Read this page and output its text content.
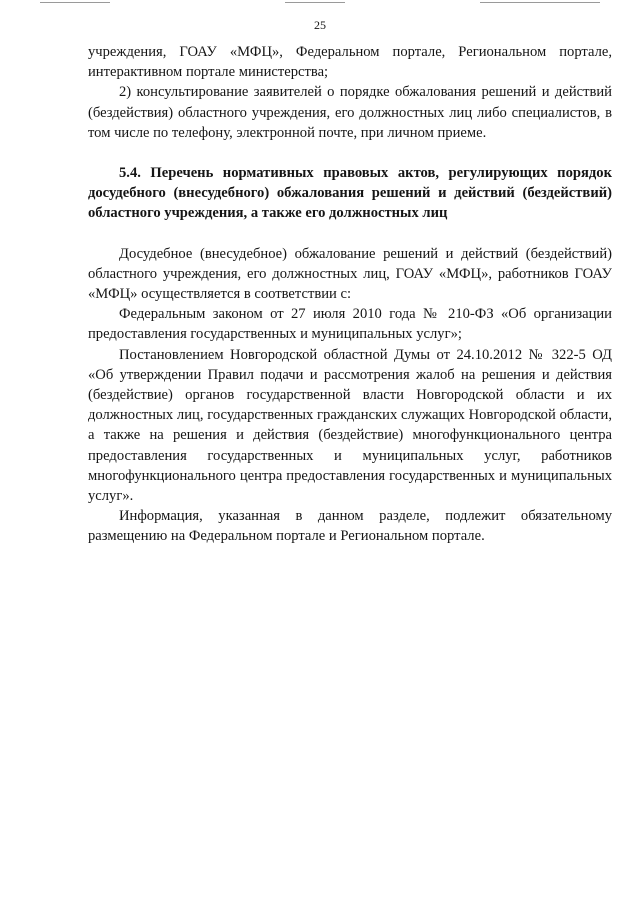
25

учреждения, ГОАУ «МФЦ», Федеральном портале, Региональном портале, интерактивном портале министерства;

2) консультирование заявителей о порядке обжалования решений и действий (бездействия) областного учреждения, его должностных лиц либо специалистов, в том числе по телефону, электронной почте, при личном приеме.

5.4. Перечень нормативных правовых актов, регулирующих порядок досудебного (внесудебного) обжалования решений и действий (бездействий) областного учреждения, а также его должностных лиц

Досудебное (внесудебное) обжалование решений и действий (бездействий) областного учреждения, его должностных лиц, ГОАУ «МФЦ», работников ГОАУ «МФЦ» осуществляется в соответствии с:

Федеральным законом от 27 июля 2010 года № 210-ФЗ «Об организации предоставления государственных и муниципальных услуг»;

Постановлением Новгородской областной Думы от 24.10.2012 № 322-5 ОД «Об утверждении Правил подачи и рассмотрения жалоб на решения и действия (бездействие) органов государственной власти Новгородской области и их должностных лиц, государственных гражданских служащих Новгородской области, а также на решения и действия (бездействие) многофункционального центра предоставления государственных и муниципальных услуг, работников многофункционального центра предоставления государственных и муниципальных услуг».

Информация, указанная в данном разделе, подлежит обязательному размещению на Федеральном портале и Региональном портале.
